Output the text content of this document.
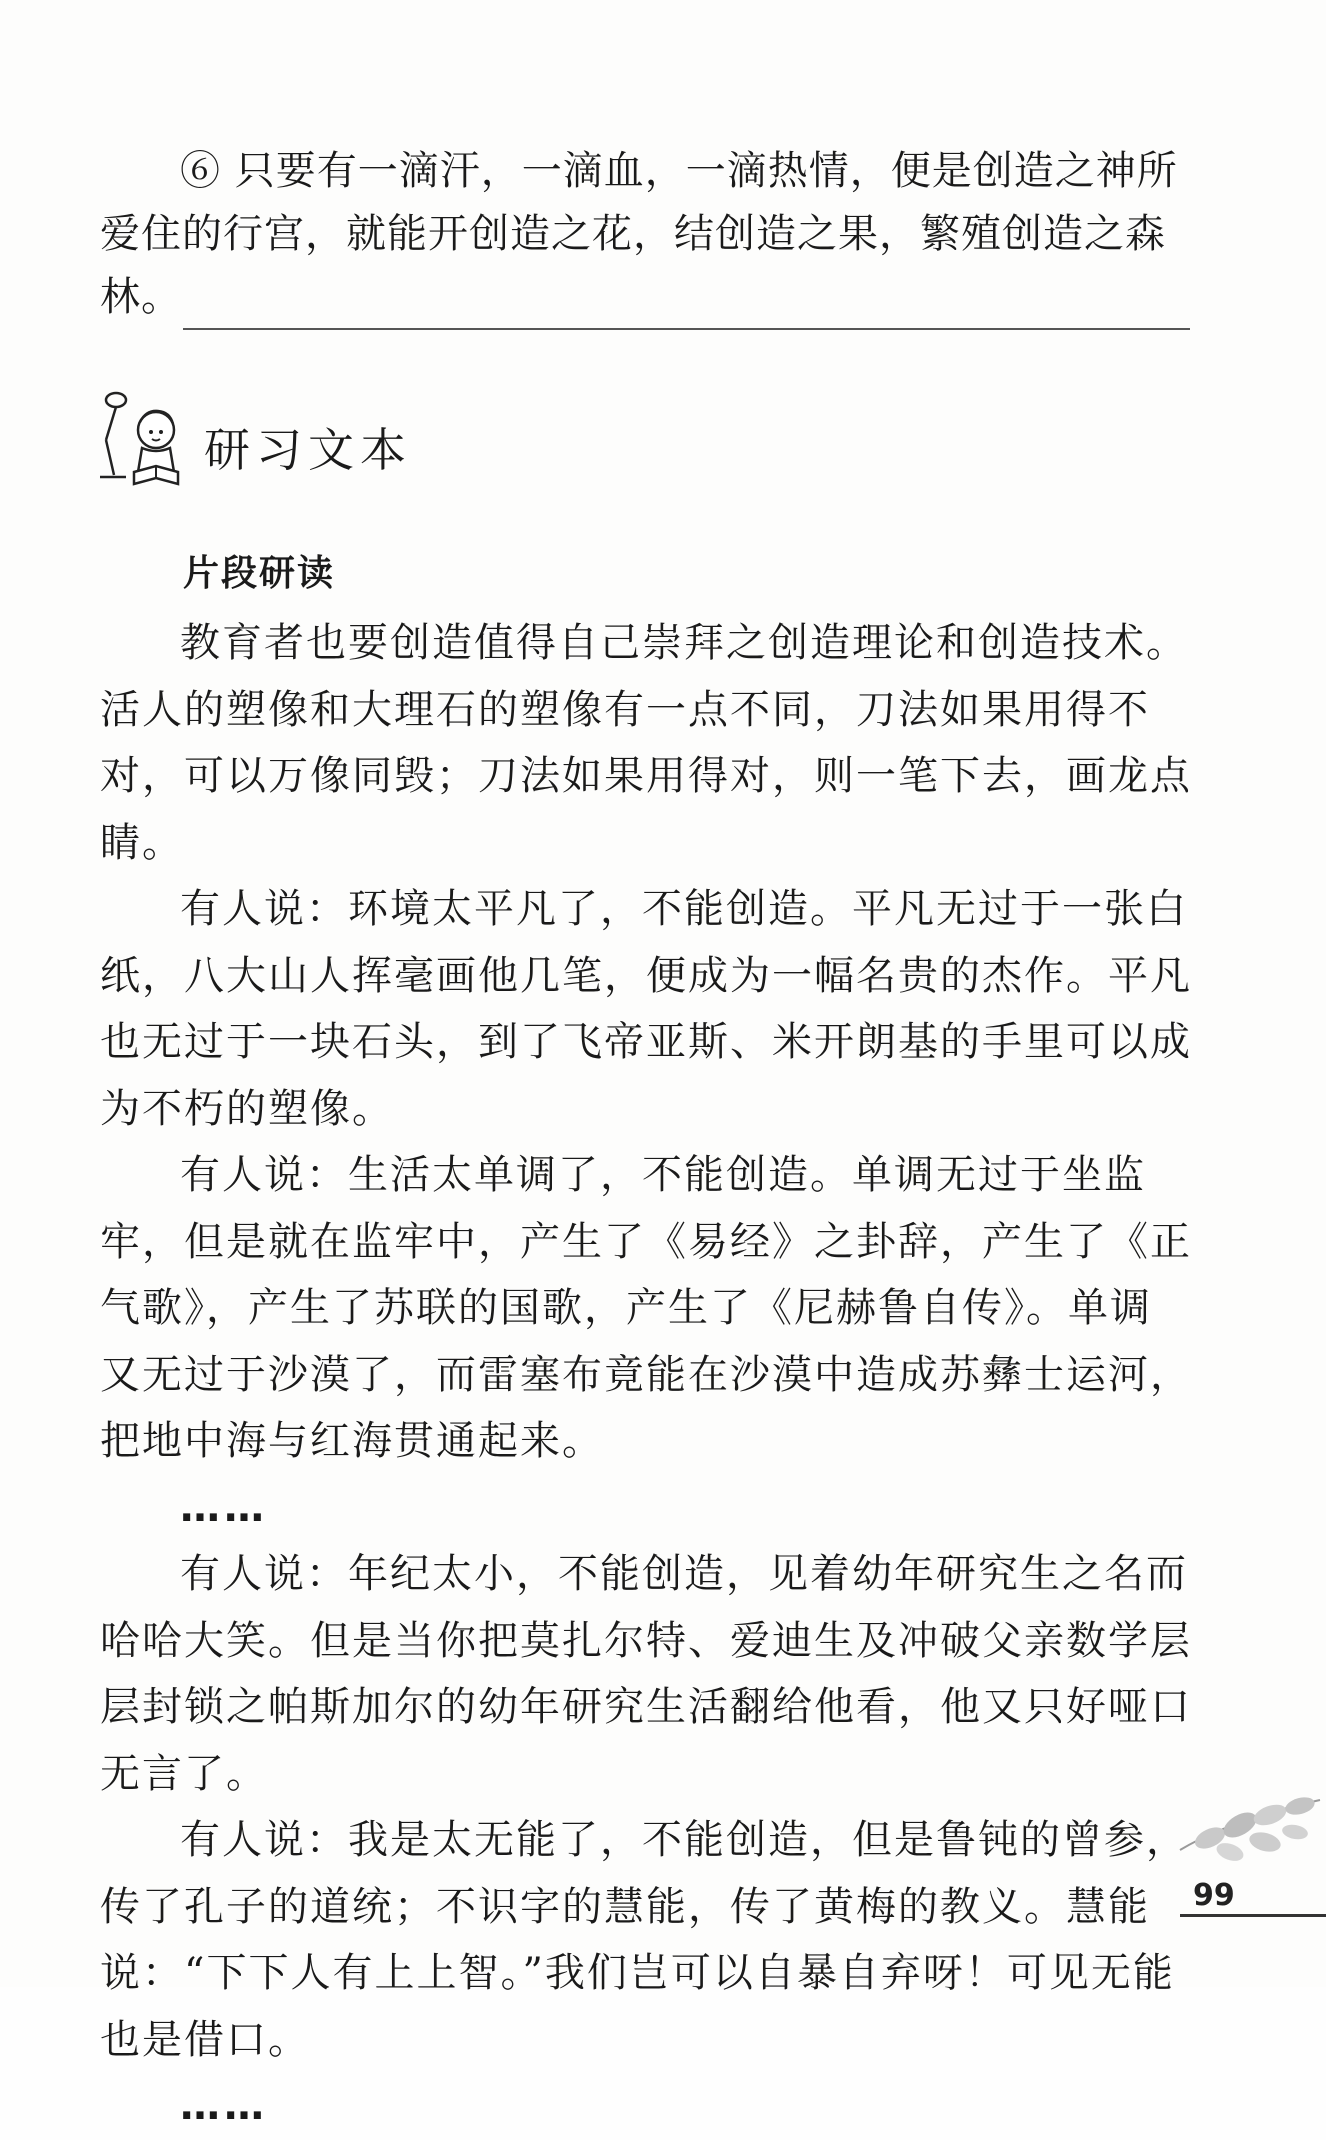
⑥ 只要有一滴汗，一滴血，一滴热情，便是创造之神所爱住的行宫，就能开创造之花，结创造之果，繁殖创造之森林。

研习文本
片段研读

教育者也要创造值得自己崇拜之创造理论和创造技术。活人的塑像和大理石的塑像有一点不同，刀法如果用得不对，可以万像同毁；刀法如果用得对，则一笔下去，画龙点睛。

有人说：环境太平凡了，不能创造。平凡无过于一张白纸，八大山人挥毫画他几笔，便成为一幅名贵的杰作。平凡也无过于一块石头，到了飞帝亚斯、米开朗基的手里可以成为不朽的塑像。

有人说：生活太单调了，不能创造。单调无过于坐监牢，但是就在监牢中，产生了《易经》之卦辞，产生了《正气歌》，产生了苏联的国歌，产生了《尼赫鲁自传》。单调又无过于沙漠了，而雷塞布竟能在沙漠中造成苏彝士运河，把地中海与红海贯通起来。

……

有人说：年纪太小，不能创造，见着幼年研究生之名而哈哈大笑。但是当你把莫扎尔特、爱迪生及冲破父亲数学层层封锁之帕斯加尔的幼年研究生活翻给他看，他又只好哑口无言了。

有人说：我是太无能了，不能创造，但是鲁钝的曾参，传了孔子的道统；不识字的慧能，传了黄梅的教义。慧能说：“下下人有上上智。”我们岂可以自暴自弃呀！可见无能也是借口。

……

99
